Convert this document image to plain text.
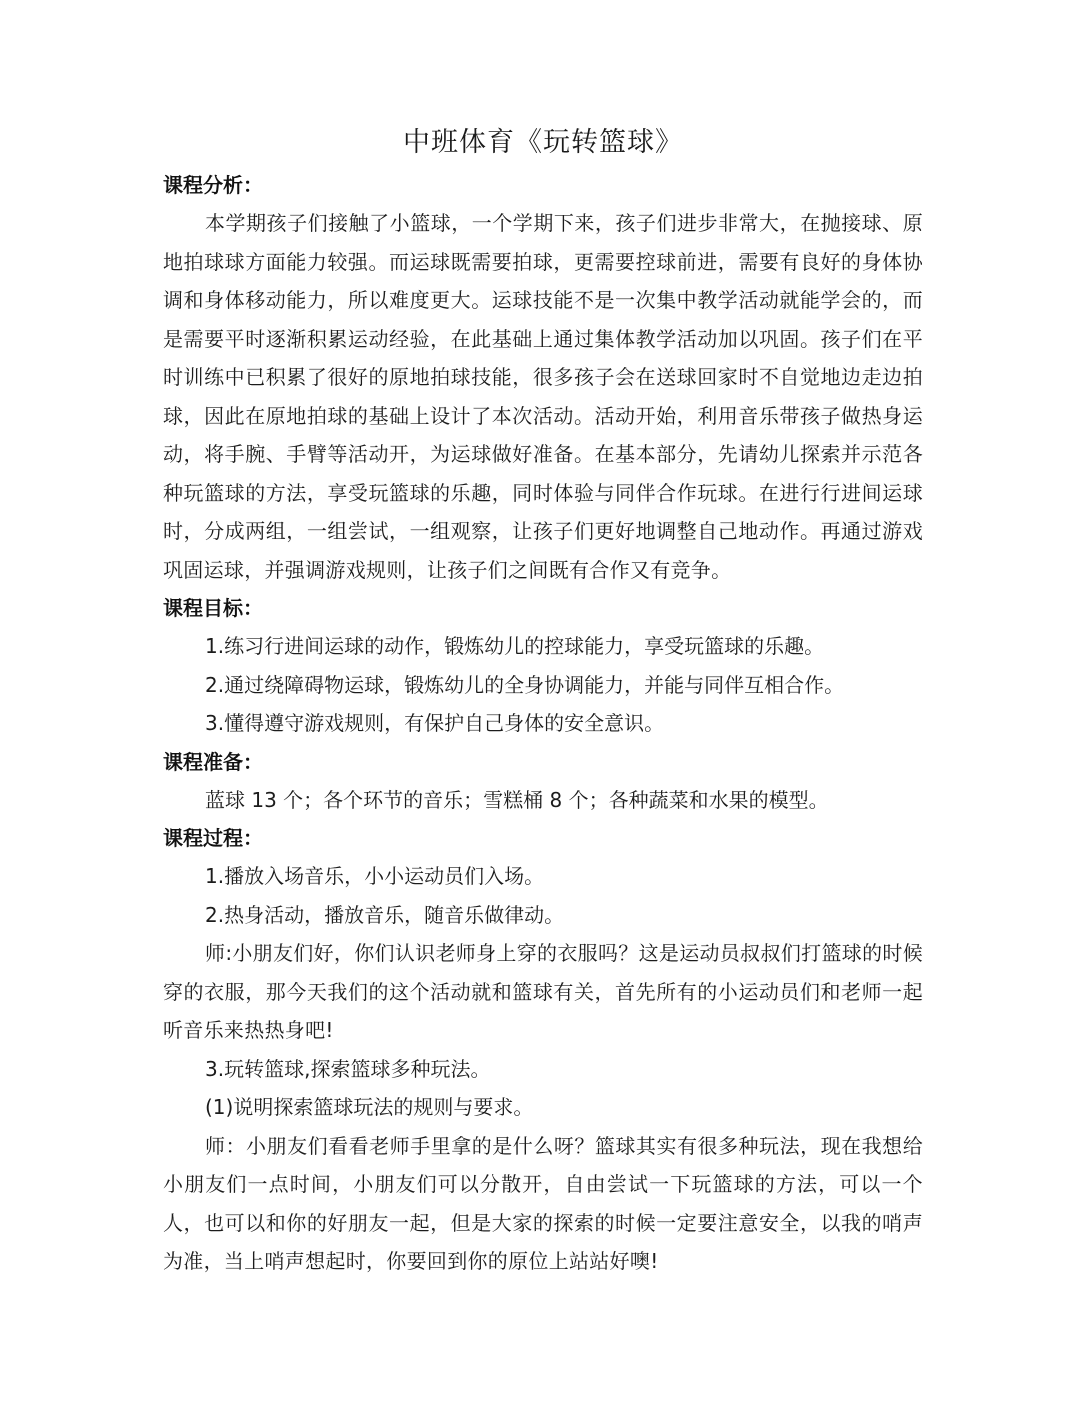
中班体育《玩转篮球》

课程分析：

本学期孩子们接触了小篮球，一个学期下来，孩子们进步非常大，在抛接球、原地拍球球方面能力较强。而运球既需要拍球，更需要控球前进，需要有良好的身体协调和身体移动能力，所以难度更大。运球技能不是一次集中教学活动就能学会的，而是需要平时逐渐积累运动经验，在此基础上通过集体教学活动加以巩固。孩子们在平时训练中已积累了很好的原地拍球技能，很多孩子会在送球回家时不自觉地边走边拍球，因此在原地拍球的基础上设计了本次活动。活动开始，利用音乐带孩子做热身运动，将手腕、手臂等活动开，为运球做好准备。在基本部分，先请幼儿探索并示范各种玩篮球的方法，享受玩篮球的乐趣，同时体验与同伴合作玩球。在进行行进间运球时，分成两组，一组尝试，一组观察，让孩子们更好地调整自己地动作。再通过游戏巩固运球，并强调游戏规则，让孩子们之间既有合作又有竞争。

课程目标：

1.练习行进间运球的动作，锻炼幼儿的控球能力，享受玩篮球的乐趣。

2.通过绕障碍物运球，锻炼幼儿的全身协调能力，并能与同伴互相合作。

3.懂得遵守游戏规则，有保护自己身体的安全意识。

课程准备：

蓝球 13 个；各个环节的音乐；雪糕桶 8 个；各种蔬菜和水果的模型。

课程过程：

1.播放入场音乐，小小运动员们入场。

2.热身活动，播放音乐，随音乐做律动。

师:小朋友们好，你们认识老师身上穿的衣服吗？这是运动员叔叔们打篮球的时候穿的衣服，那今天我们的这个活动就和篮球有关，首先所有的小运动员们和老师一起听音乐来热热身吧!

3.玩转篮球,探索篮球多种玩法。

(1)说明探索篮球玩法的规则与要求。

师：小朋友们看看老师手里拿的是什么呀？篮球其实有很多种玩法，现在我想给小朋友们一点时间，小朋友们可以分散开，自由尝试一下玩篮球的方法，可以一个人，也可以和你的好朋友一起，但是大家的探索的时候一定要注意安全，以我的哨声为准，当上哨声想起时，你要回到你的原位上站站好噢!
